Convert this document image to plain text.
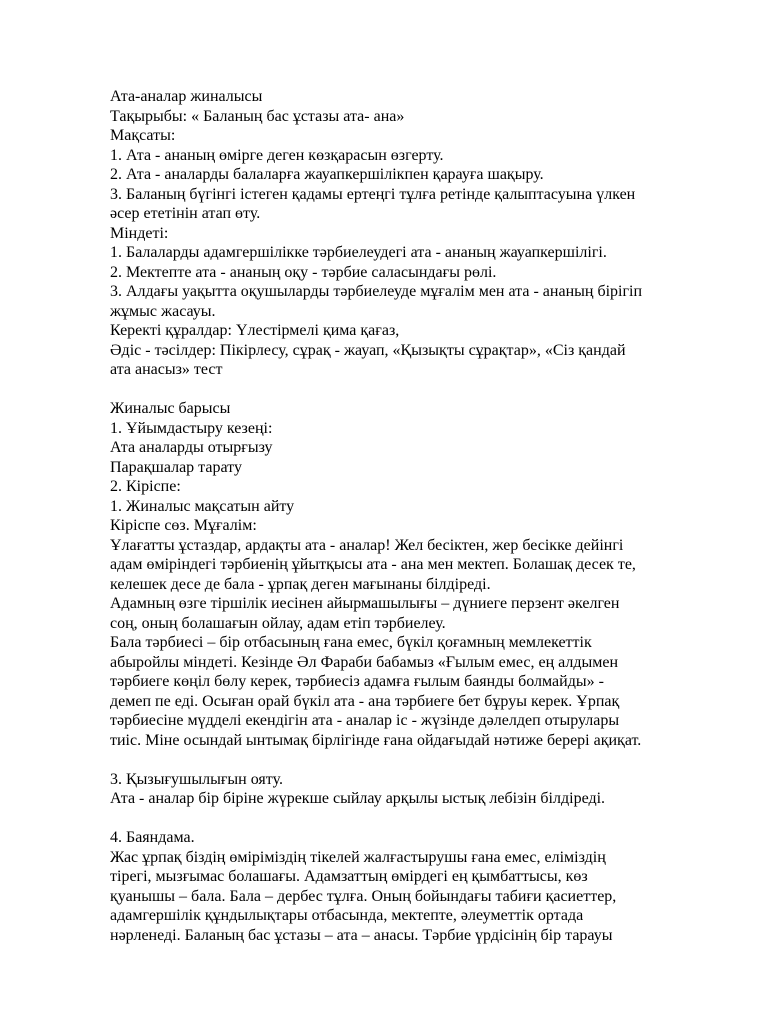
Ата-аналар жиналысы
Тақырыбы: « Баланың бас ұстазы ата- ана»
Мақсаты:
1. Ата - ананың өмірге деген көзқарасын өзгерту.
2. Ата - аналарды балаларға жауапкершілікпен қарауға шақыру.
3. Баланың бүгінгі істеген қадамы ертеңгі тұлға ретінде қалыптасуына үлкен
әсер ететінін атап өту.
Міндеті:
1. Балаларды адамгершілікке тәрбиелеудегі ата - ананың жауапкершілігі.
2. Мектепте ата - ананың оқу - тәрбие саласындағы рөлі.
3. Алдағы уақытта оқушыларды тәрбиелеуде мұғалім мен ата - ананың бірігіп
жұмыс жасауы.
Керекті құралдар: Үлестірмелі қима қағаз,
Әдіс - тәсілдер: Пікірлесу, сұрақ - жауап, «Қызықты сұрақтар», «Сіз қандай
ата анасыз» тест
Жиналыс барысы
1. Ұйымдастыру кезеңі:
Ата аналарды отырғызу
Парақшалар тарату
2. Кіріспе:
1. Жиналыс мақсатын айту
Кіріспе сөз. Мұғалім:
Ұлағатты ұстаздар, ардақты ата - аналар! Жел бесіктен, жер бесікке дейінгі
адам өміріндегі тәрбиенің ұйытқысы ата - ана мен мектеп. Болашақ десек те,
келешек десе де бала - ұрпақ деген мағынаны білдіреді.
Адамның өзге тіршілік иесінен айырмашылығы – дүниеге перзент әкелген
соң, оның болашағын ойлау, адам етіп тәрбиелеу.
Бала тәрбиесі – бір отбасының ғана емес, бүкіл қоғамның мемлекеттік
абыройлы міндеті. Кезінде Әл Фараби бабамыз «Ғылым емес, ең алдымен
тәрбиеге көңіл бөлу керек, тәрбиесіз адамға ғылым баянды болмайды» -
демеп пе еді. Осыған орай бүкіл ата - ана тәрбиеге бет бұруы керек. Ұрпақ
тәрбиесіне мүдделі екендігін ата - аналар іс - жүзінде дәлелдеп отырулары
тиіс. Міне осындай ынтымақ бірлігінде ғана ойдағыдай нәтиже берері ақиқат.
3. Қызығушылығын ояту.
Ата - аналар бір біріне жүрекше сыйлау арқылы ыстық лебізін білдіреді.
4. Баяндама.
Жас ұрпақ біздің өміріміздің тікелей жалғастырушы ғана емес, еліміздің
тірегі, мызғымас болашағы. Адамзаттың өмірдегі ең қымбаттысы, көз
қуанышы – бала. Бала – дербес тұлға. Оның бойындағы табиғи қасиеттер,
адамгершілік құндылықтары отбасында, мектепте, әлеуметтік ортада
нәрленеді. Баланың бас ұстазы – ата – анасы. Тәрбие үрдісінің бір тарауы
